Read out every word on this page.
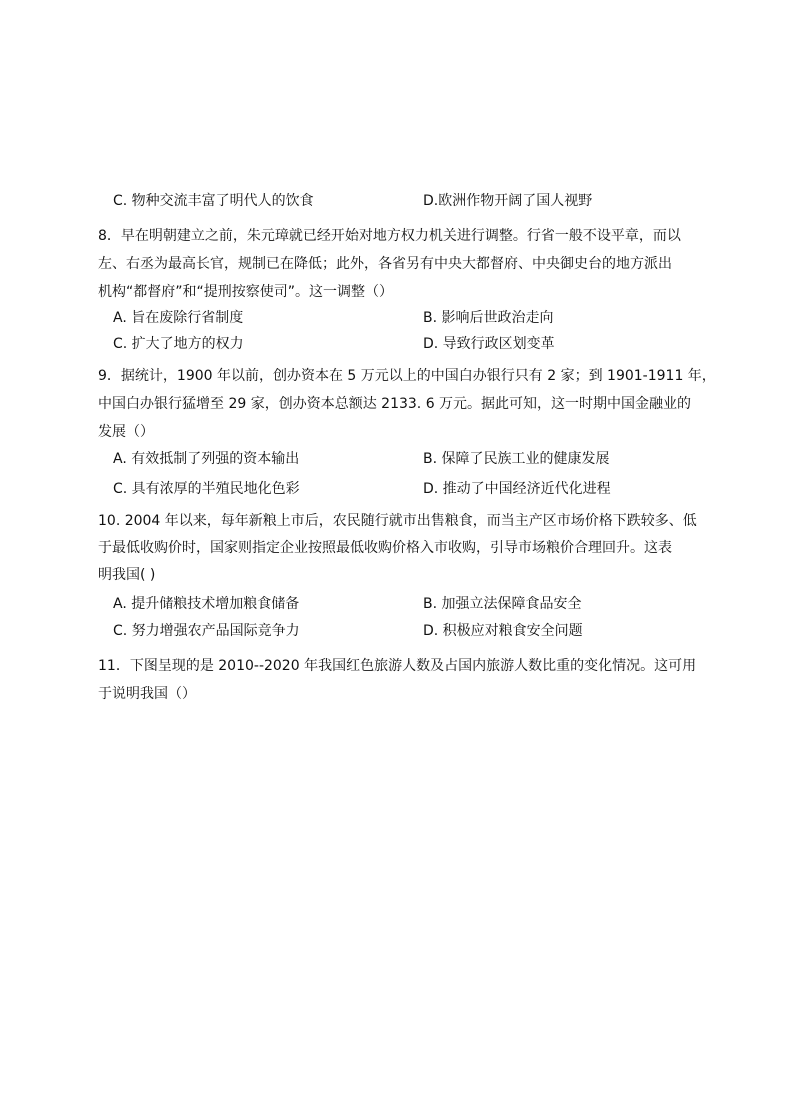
C. 物种交流丰富了明代人的饮食	D.欧洲作物开阔了国人视野
8．早在明朝建立之前，朱元璋就已经开始对地方权力机关进行调整。行省一般不设平章，而以
左、右丞为最高长官，规制已在降低；此外，各省另有中央大都督府、中央御史台的地方派出
机构“都督府”和“提刑按察使司”。这一调整（）
A. 旨在废除行省制度	B. 影响后世政治走向
C. 扩大了地方的权力	D. 导致行政区划变革
9．据统计，1900 年以前，创办资本在 5 万元以上的中国白办银行只有 2 家；到 1901-1911 年，
中国白办银行猛增至 29 家，创办资本总额达 2133. 6 万元。据此可知，这一时期中国金融业的
发展（）
A. 有效抵制了列强的资本输出	B. 保障了民族工业的健康发展
C. 具有浓厚的半殖民地化色彩	D. 推动了中国经济近代化进程
10. 2004 年以来，每年新粮上市后，农民随行就市出售粮食，而当主产区市场价格下跌较多、低
于最低收购价时，国家则指定企业按照最低收购价格入市收购，引导市场粮价合理回升。这表
明我国( )
A. 提升储粮技术增加粮食储备	B. 加强立法保障食品安全
C. 努力增强农产品国际竞争力	D. 积极应对粮食安全问题
11．下图呈现的是 2010--2020 年我国红色旅游人数及占国内旅游人数比重的变化情况。这可用
于说明我国（）
